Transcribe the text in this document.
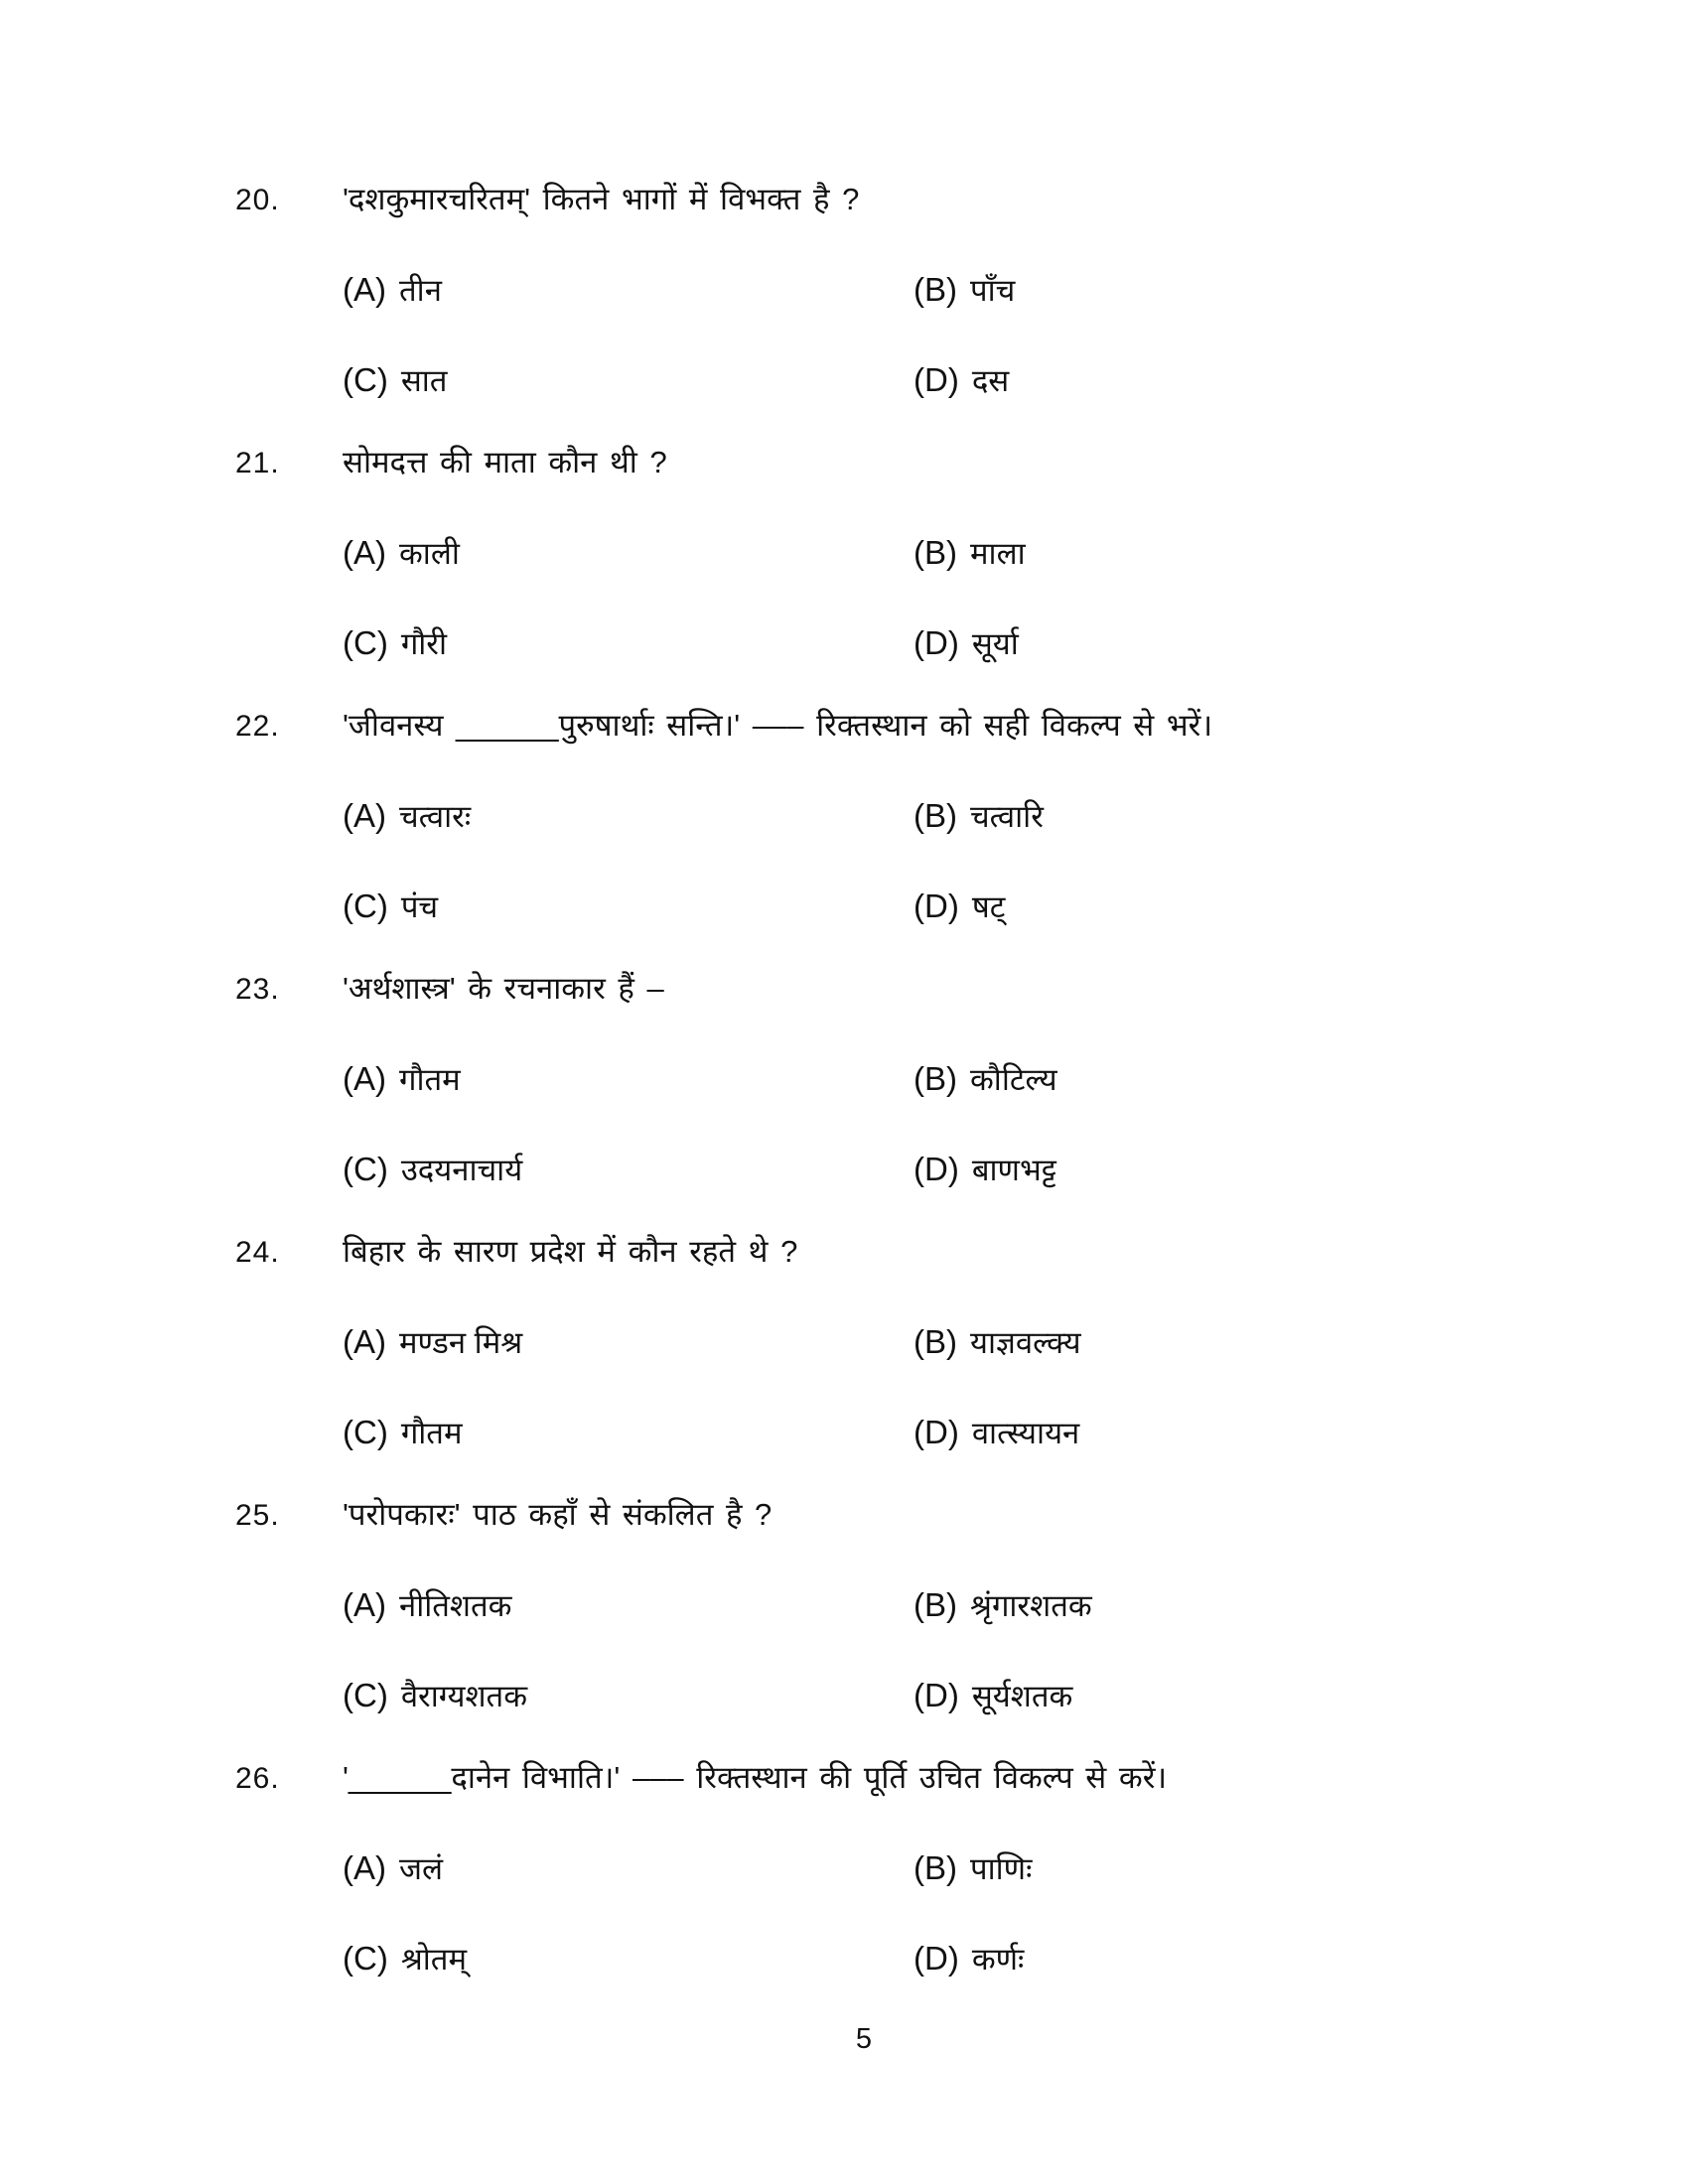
20.	'दशकुमारचरितम्' कितने भागों में विभक्त है ?
(A) तीन	(B) पाँच
(C) सात	(D) दस
21.	सोमदत्त की माता कौन थी ?
(A) काली	(B) माला
(C) गौरी	(D) सूर्या
22.	'जीवनस्य ______पुरुषार्थाः सन्ति।' ––– रिक्तस्थान को सही विकल्प से भरें।
(A) चत्वारः	(B) चत्वारि
(C) पंच	(D) षट्
23.	'अर्थशास्त्र' के रचनाकार हैं –
(A) गौतम	(B) कौटिल्य
(C) उदयनाचार्य	(D) बाणभट्ट
24.	बिहार के सारण प्रदेश में कौन रहते थे ?
(A) मण्डन मिश्र	(B) याज्ञवल्क्य
(C) गौतम	(D) वात्स्यायन
25.	'परोपकारः' पाठ कहाँ से संकलित है ?
(A) नीतिशतक	(B) श्रृंगारशतक
(C) वैराग्यशतक	(D) सूर्यशतक
26.	'______दानेन विभाति।' ––– रिक्तस्थान की पूर्ति उचित विकल्प से करें।
(A) जलं	(B) पाणिः
(C) श्रोतम्	(D) कर्णः
5
